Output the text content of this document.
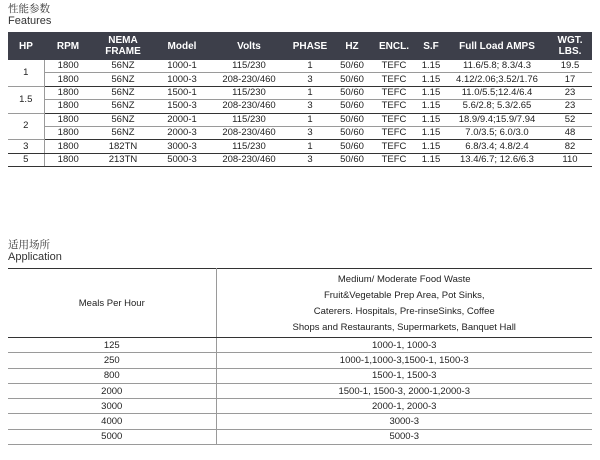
性能参数
Features
HP	RPM	NEMA FRAME	Model	Volts	PHASE	HZ	ENCL.	S.F	Full Load AMPS	WGT. LBS.
1	1800	56NZ	1000-1	115/230	1	50/60	TEFC	1.15	11.6/5.8; 8.3/4.3	19.5
	1800	56NZ	1000-3	208-230/460	3	50/60	TEFC	1.15	4.12/2.06;3.52/1.76	17
1.5	1800	56NZ	1500-1	115/230	1	50/60	TEFC	1.15	11.0/5.5;12.4/6.4	23
	1800	56NZ	1500-3	208-230/460	3	50/60	TEFC	1.15	5.6/2.8; 5.3/2.65	23
2	1800	56NZ	2000-1	115/230	1	50/60	TEFC	1.15	18.9/9.4;15.9/7.94	52
	1800	56NZ	2000-3	208-230/460	3	50/60	TEFC	1.15	7.0/3.5; 6.0/3.0	48
3	1800	182TN	3000-3	115/230	1	50/60	TEFC	1.15	6.8/3.4; 4.8/2.4	82
5	1800	213TN	5000-3	208-230/460	3	50/60	TEFC	1.15	13.4/6.7; 12.6/6.3	110
适用场所
Application
Meals Per Hour	Medium/ Moderate Food Waste
Fruit&Vegetable Prep Area, Pot Sinks,
Caterers. Hospitals, Pre-rinseSinks, Coffee
Shops and Restaurants, Supermarkets, Banquet Hall

125	1000-1, 1000-3
250	1000-1,1000-3,1500-1, 1500-3
800	1500-1, 1500-3
2000	1500-1, 1500-3, 2000-1,2000-3
3000	2000-1, 2000-3
4000	3000-3
5000	5000-3
